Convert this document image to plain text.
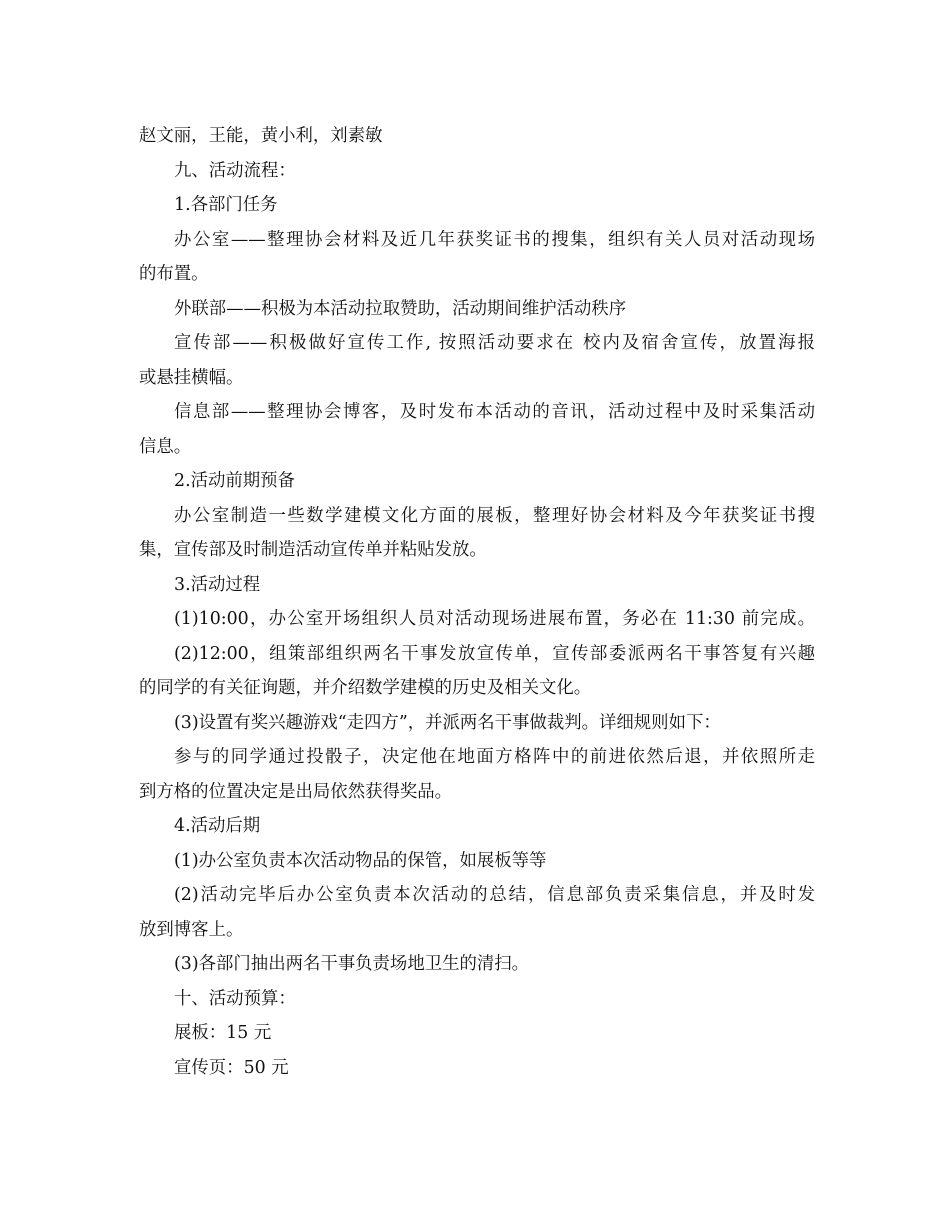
赵文丽，王能，黄小利，刘素敏
九、活动流程：
1.各部门任务
办公室——整理协会材料及近几年获奖证书的搜集，组织有关人员对活动现场
的布置。
外联部——积极为本活动拉取赞助，活动期间维护活动秩序
宣传部——积极做好宣传工作, 按照活动要求在 校内及宿舍宣传，放置海报
或悬挂横幅。
信息部——整理协会博客，及时发布本活动的音讯，活动过程中及时采集活动
信息。
2.活动前期预备
办公室制造一些数学建模文化方面的展板，整理好协会材料及今年获奖证书搜
集，宣传部及时制造活动宣传单并粘贴发放。
3.活动过程
(1)10:00，办公室开场组织人员对活动现场进展布置，务必在 11:30 前完成。
(2)12:00，组策部组织两名干事发放宣传单，宣传部委派两名干事答复有兴趣
的同学的有关征询题，并介绍数学建模的历史及相关文化。
(3)设置有奖兴趣游戏“走四方”，并派两名干事做裁判。详细规则如下：
参与的同学通过投骰子，决定他在地面方格阵中的前进依然后退，并依照所走
到方格的位置决定是出局依然获得奖品。
4.活动后期
(1)办公室负责本次活动物品的保管，如展板等等
(2)活动完毕后办公室负责本次活动的总结，信息部负责采集信息，并及时发
放到博客上。
(3)各部门抽出两名干事负责场地卫生的清扫。
十、活动预算：
展板：15 元
宣传页：50 元
